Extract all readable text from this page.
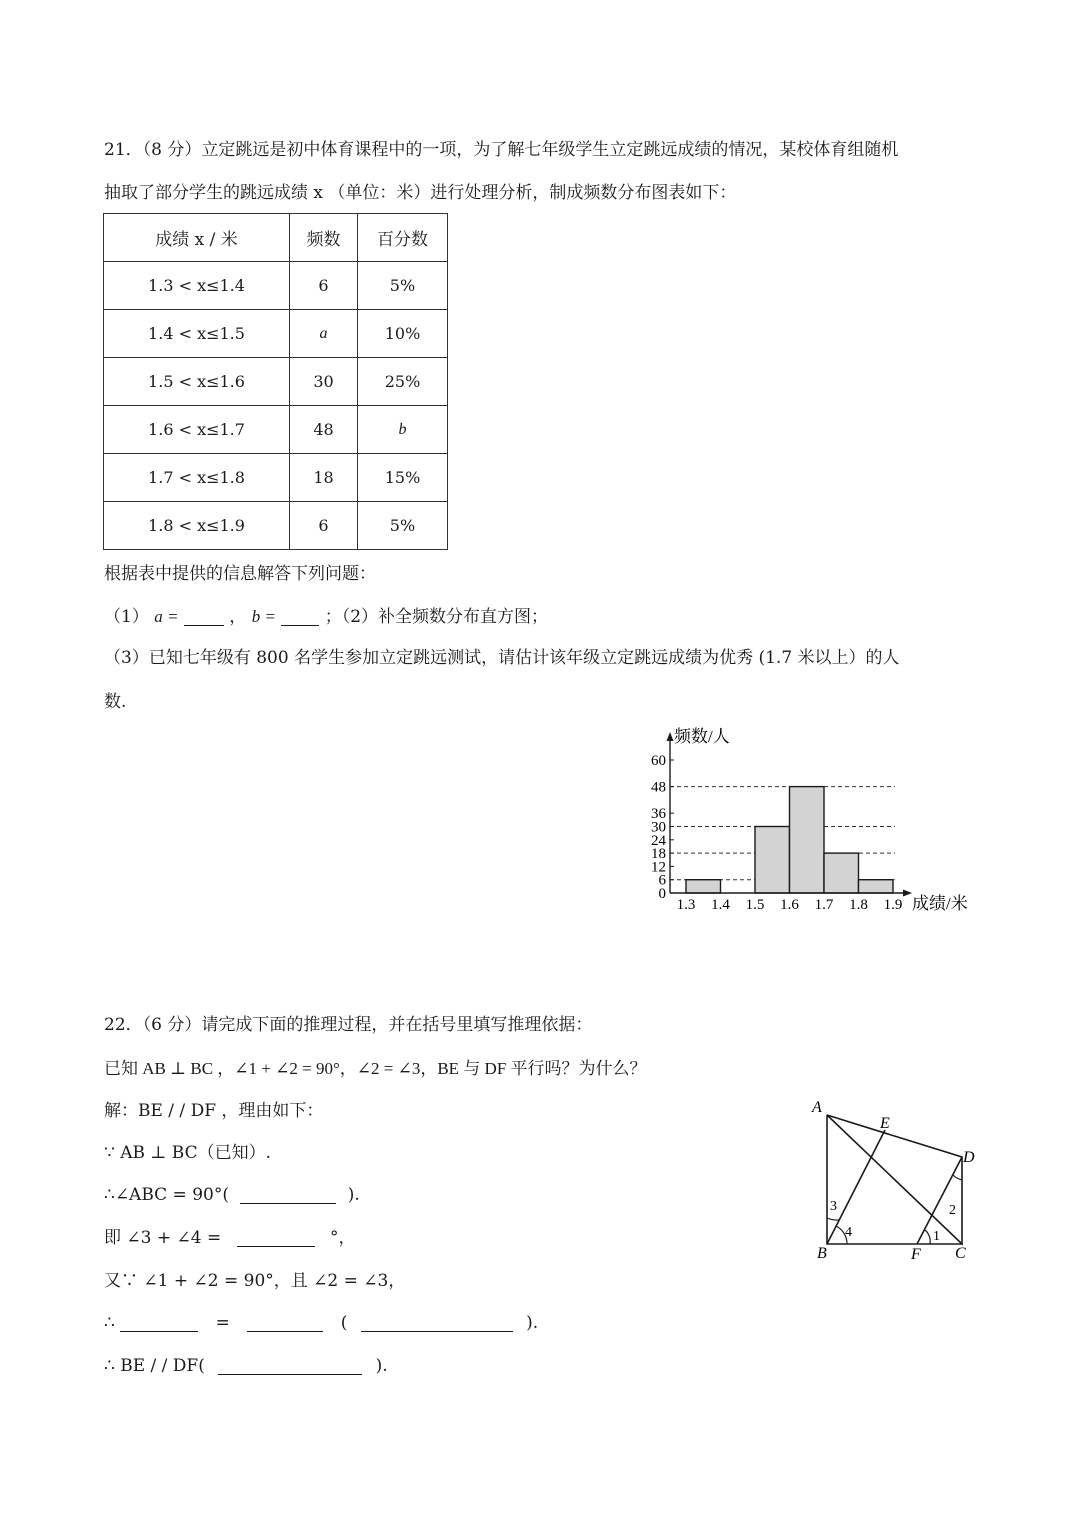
21．（8 分）立定跳远是初中体育课程中的一项，为了解七年级学生立定跳远成绩的情况，某校体育组随机
抽取了部分学生的跳远成绩 x （单位：米）进行处理分析，制成频数分布图表如下：
成绩 x / 米	频数	百分数
1.3 < x≤1.4	6	5%
1.4 < x≤1.5	a	10%
1.5 < x≤1.6	30	25%
1.6 < x≤1.7	48	b
1.7 < x≤1.8	18	15%
1.8 < x≤1.9	6	5%
根据表中提供的信息解答下列问题：
（1） a =	， b =	；（2）补全频数分布直方图；
（3）已知七年级有 800 名学生参加立定跳远测试，请估计该年级立定跳远成绩为优秀 (1.7 米以上）的人
数.
0
6
12
18
24
30
36
48
60
1.3 1.4 1.5 1.6 1.7 1.8 1.9
频数/人
成绩/米
22．（6 分）请完成下面的推理过程，并在括号里填写推理依据：
已知 AB ⊥ BC ，∠1 + ∠2 = 90°，∠2 = ∠3，BE 与 DF 平行吗？为什么？
解：BE / / DF ，理由如下：
∵ AB ⊥ BC（已知）.
∴∠ABC = 90°(	).
即 ∠3 + ∠4 =	°，
又∵ ∠1 + ∠2 = 90°，且 ∠2 = ∠3，
∴	=	(	).
∴ BE / / DF(	).
A
E
D
B	F C
3
4	1
2
